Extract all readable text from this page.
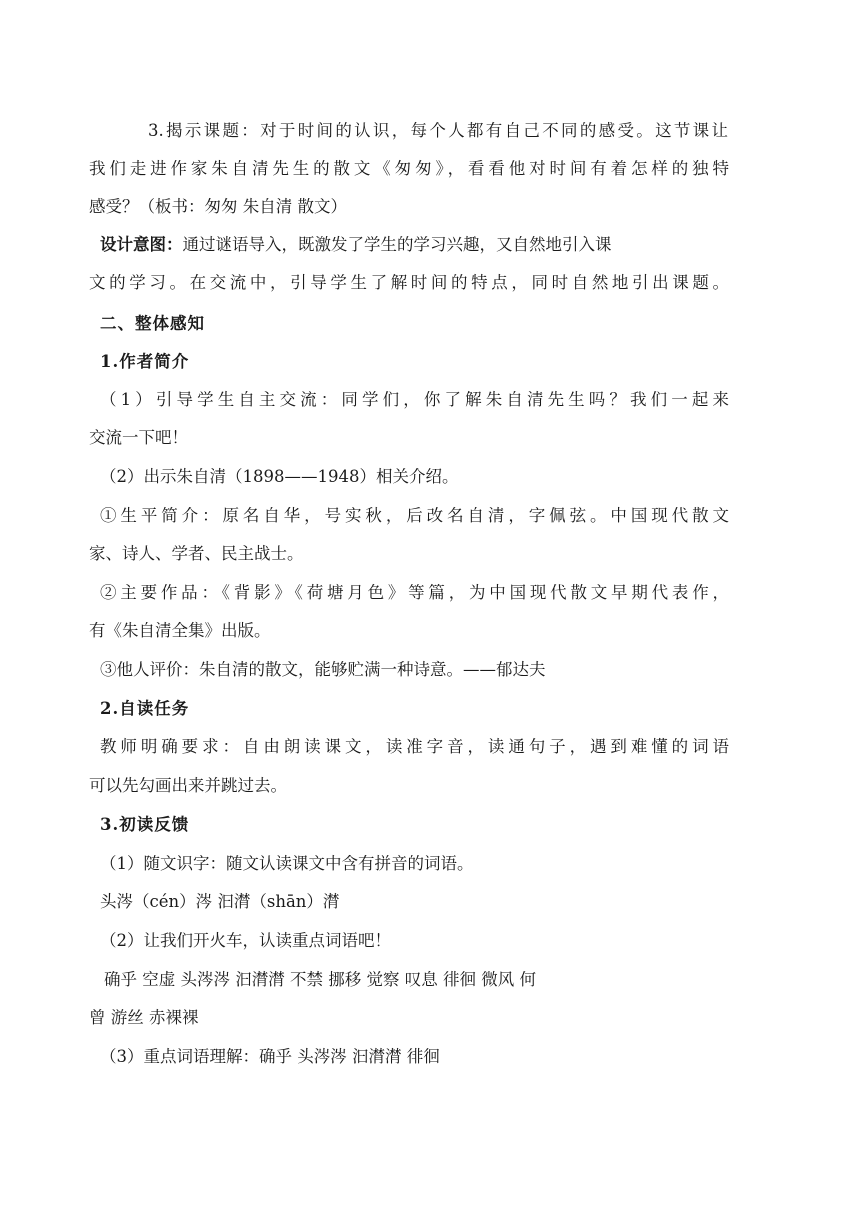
3.揭示课题：对于时间的认识，每个人都有自己不同的感受。这节课让
我们走进作家朱自清先生的散文《匆匆》，看看他对时间有着怎样的独特
感受？（板书：匆匆 朱自清 散文）
设计意图：通过谜语导入，既激发了学生的学习兴趣，又自然地引入课
文的学习。在交流中，引导学生了解时间的特点，同时自然地引出课题。
二、整体感知
1.作者简介
（1）引导学生自主交流：同学们，你了解朱自清先生吗？我们一起来
交流一下吧！
（2）出示朱自清（1898——1948）相关介绍。
①生平简介：原名自华，号实秋，后改名自清，字佩弦。中国现代散文
家、诗人、学者、民主战士。
②主要作品：《背影》《荷塘月色》等篇，为中国现代散文早期代表作，
有《朱自清全集》出版。
③他人评价：朱自清的散文，能够贮满一种诗意。——郁达夫
2.自读任务
教师明确要求：自由朗读课文，读准字音，读通句子，遇到难懂的词语
可以先勾画出来并跳过去。
3.初读反馈
（1）随文识字：随文认读课文中含有拼音的词语。
头涔（cén）涔 汩潸（shān）潸
（2）让我们开火车，认读重点词语吧！
确乎 空虚 头涔涔 汩潸潸 不禁 挪移 觉察 叹息 徘徊 微风 何
曾 游丝 赤裸裸
（3）重点词语理解：确乎 头涔涔 汩潸潸 徘徊
